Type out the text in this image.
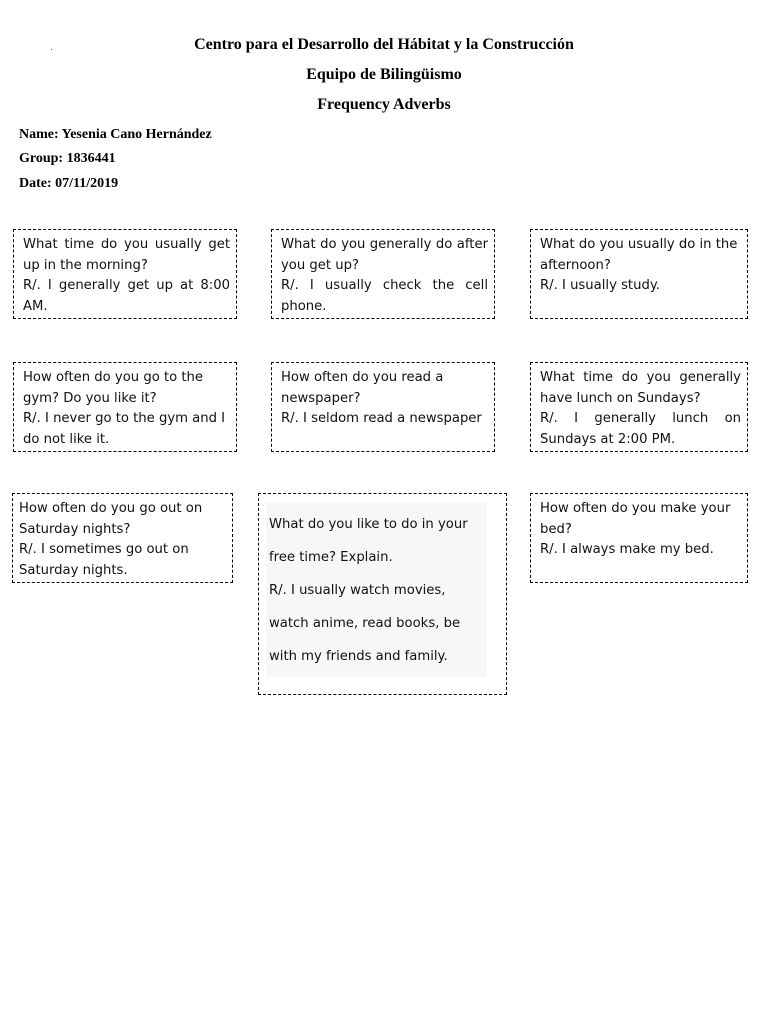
.	Centro para el Desarrollo del Hábitat y la Construcción
Equipo de Bilingüismo
Frequency Adverbs
Name: Yesenia Cano Hernández
Group: 1836441
Date: 07/11/2019

What time do you usually get up in the morning?

R/. I generally get up at 8:00 AM.

What do you generally do after you get up?

R/. I usually check the cell phone.

What do you usually do in the afternoon?

R/. I usually study.

How often do you go to the gym? Do you like it?

R/. I never go to the gym and I do not like it.

How often do you read a newspaper?

R/. I seldom read a newspaper

What time do you generally have lunch on Sundays?

R/. I generally lunch on Sundays at 2:00 PM.

How often do you go out on Saturday nights?

R/. I sometimes go out on Saturday nights.

What do you like to do in your free time? Explain.

R/. I usually watch movies, watch anime, read books, be with my friends and family.

How often do you make your bed?

R/. I always make my bed.
